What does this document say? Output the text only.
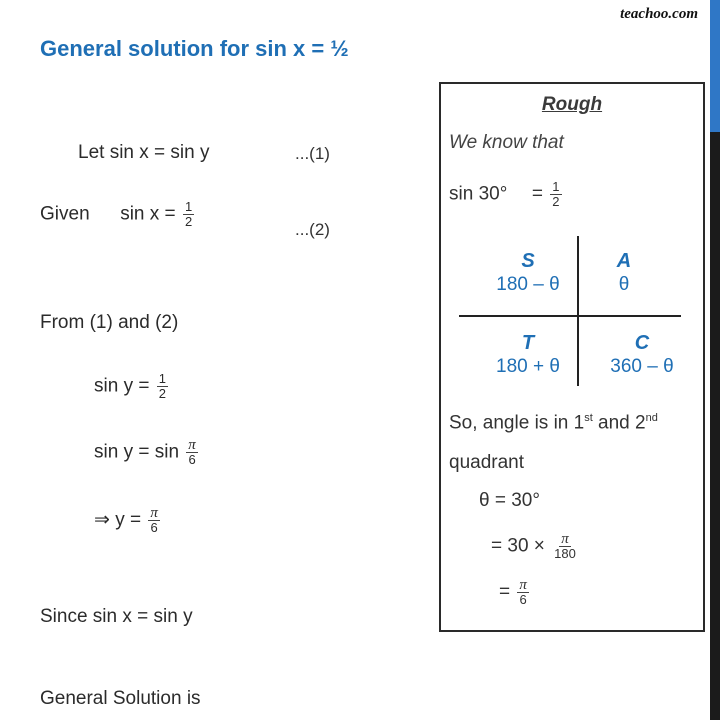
teachoo.com
General solution for sin x = ½
Let sin x = sin y	...(1)
Given $\sin x = \frac{1}{2}$
...(2)
From (1) and (2)
$\sin y = \frac{1}{2}$
$\sin y = \sin \frac{\pi}{6}$
⇒ $y = \frac{\pi}{6}$
Since sin x = sin y
General Solution is
Rough
We know that
$\sin 30^\circ = \frac{1}{2}$
S
180 – θ
A
θ
T
180 + θ
C
360 – θ
So, angle is in 1st and 2nd
quadrant
θ = 30°
= $30 \times \frac{\pi}{180}$
= $\frac{\pi}{6}$
